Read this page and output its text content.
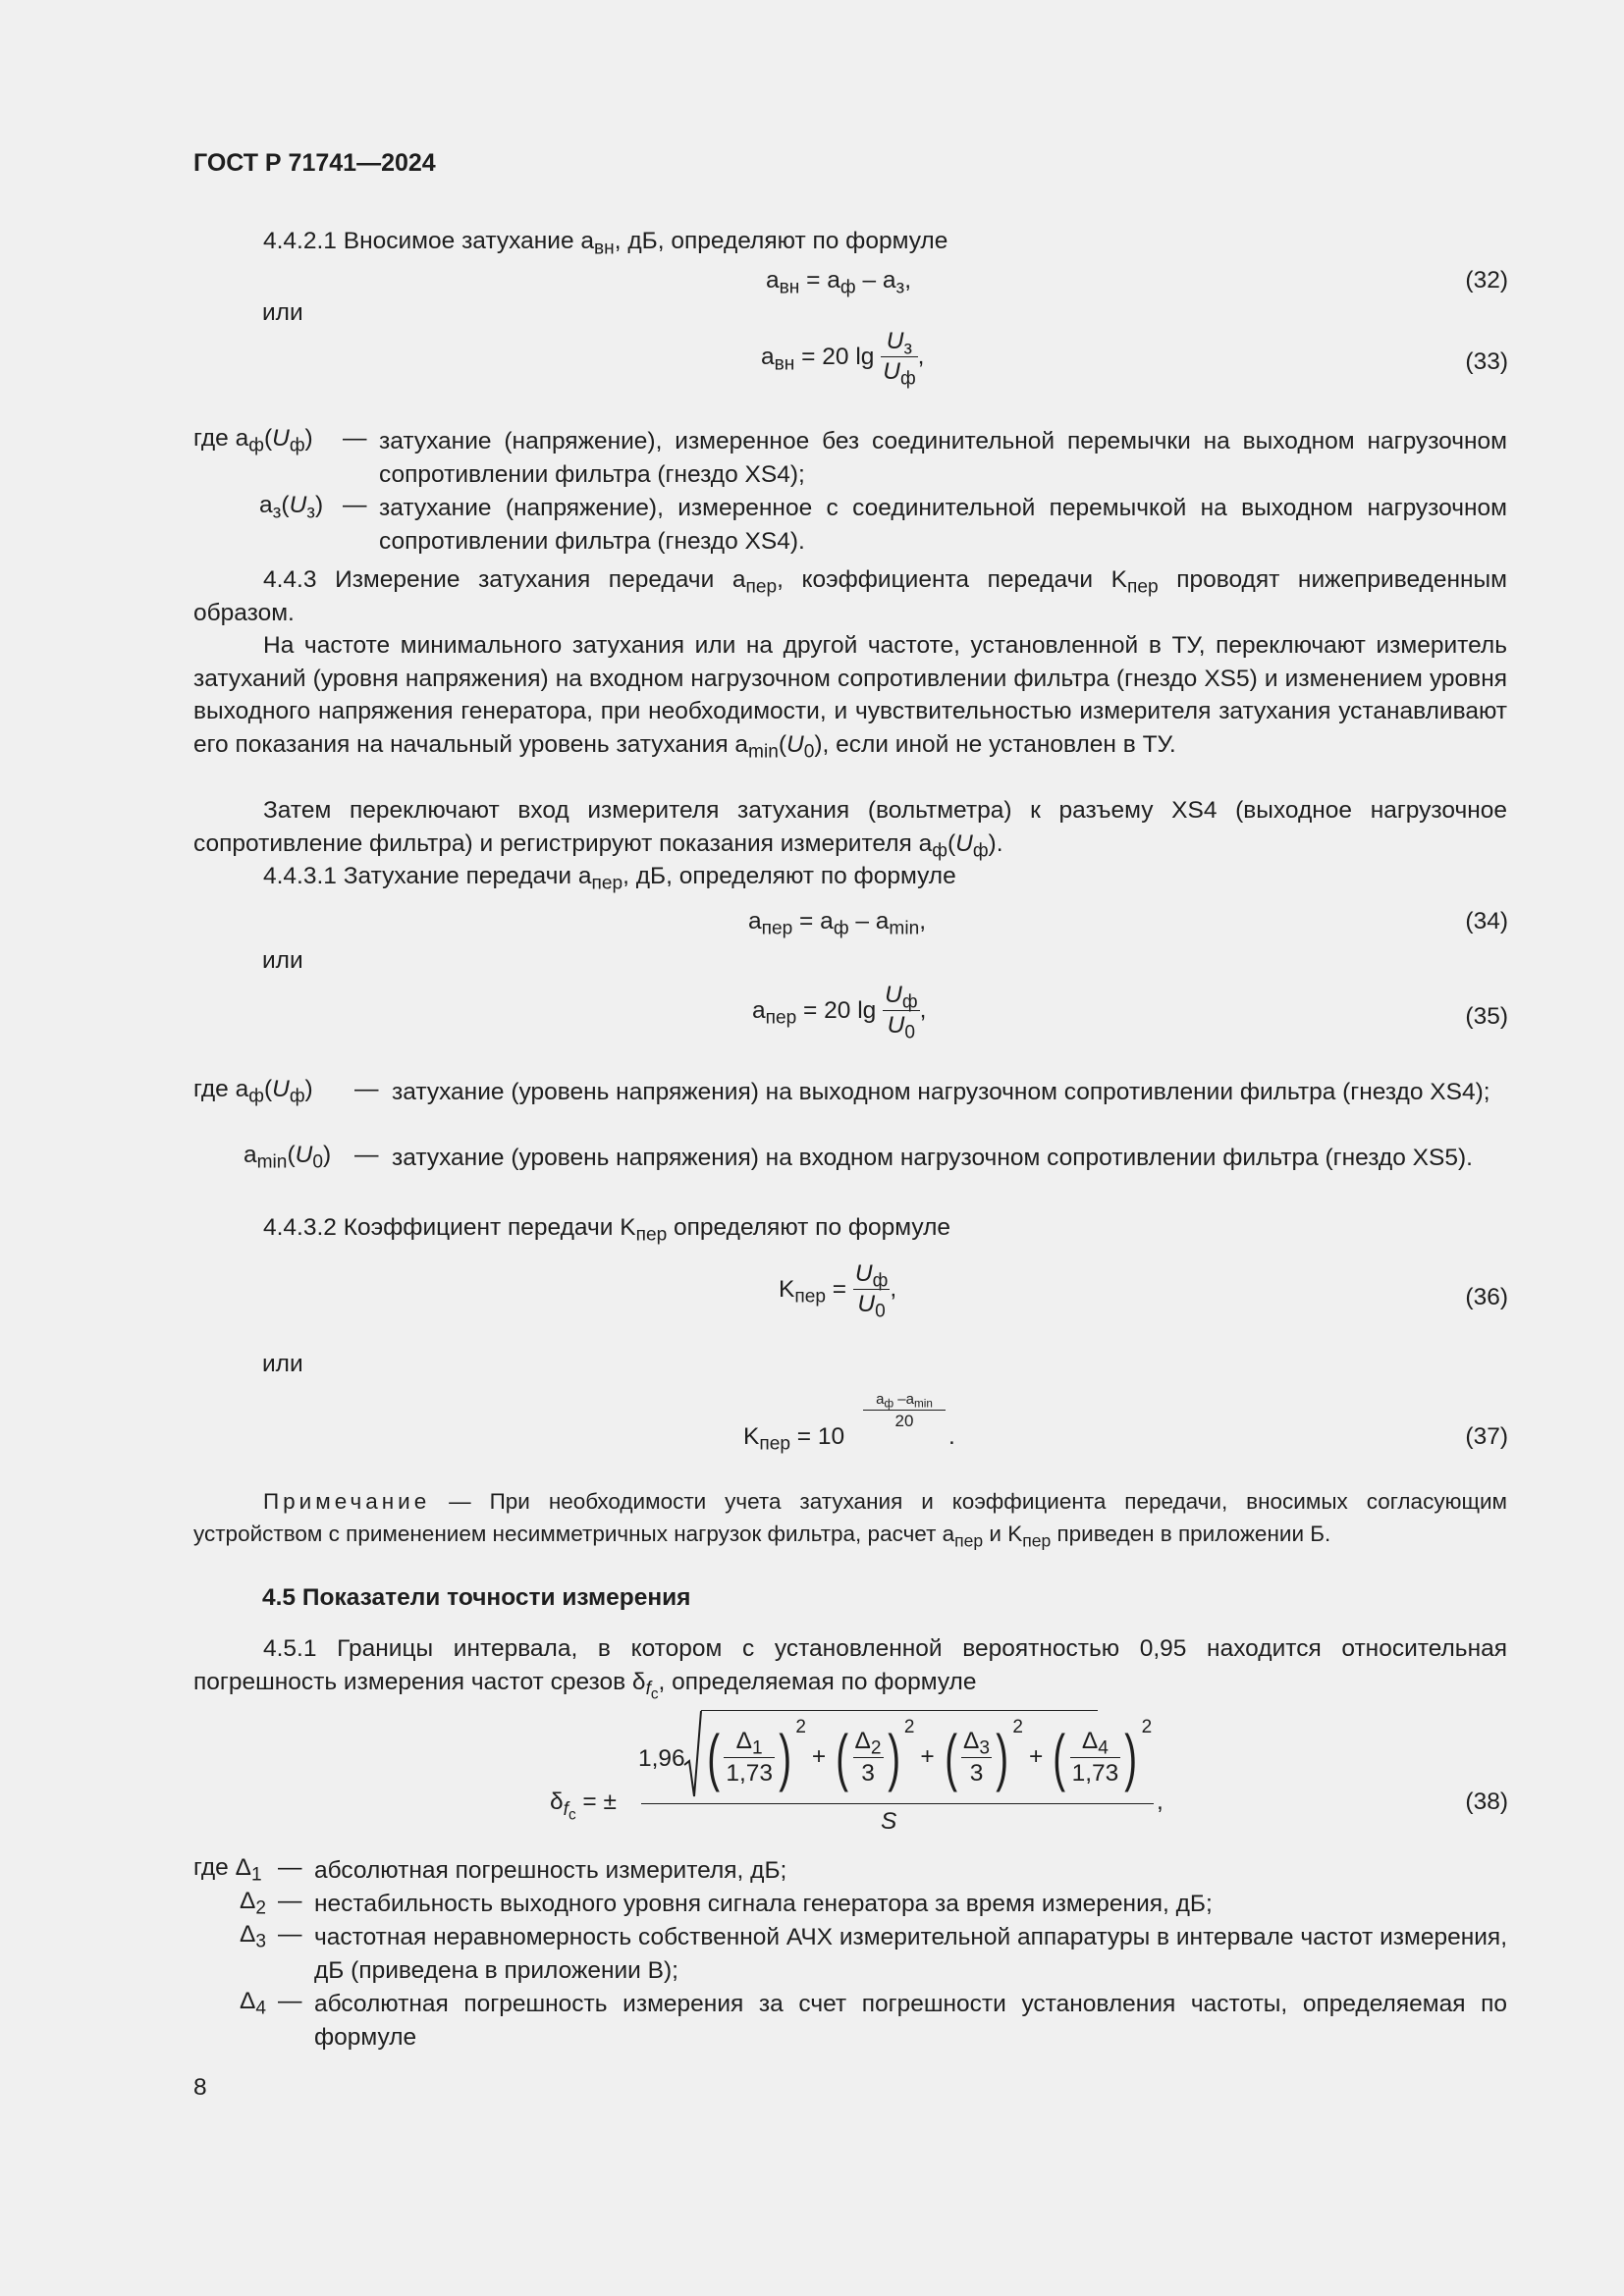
ГОСТ Р 71741—2024
4.4.2.1 Вносимое затухание $a_{вн}$, дБ, определяют по формуле
$a_{вн} = a_ф - a_з$,	(32)
или
$a_{вн} = 20$ $\lg \frac{U_з}{U_ф}$ ,	(33)
где $a_ф(U_ф)$ — затухание (напряжение), измеренное без соединительной перемычки на выходном нагрузочном сопротивлении фильтра (гнездо XS4);
$a_з(U_з)$ — затухание (напряжение), измеренное с соединительной перемычкой на выходном нагрузочном сопротивлении фильтра (гнездо XS4).
4.4.3 Измерение затухания передачи $a_{пер}$, коэффициента передачи $K_{пер}$ проводят нижеприведенным образом.
На частоте минимального затухания или на другой частоте, установленной в ТУ, переключают измеритель затуханий (уровня напряжения) на входном нагрузочном сопротивлении фильтра (гнездо XS5) и изменением уровня выходного напряжения генератора, при необходимости, и чувствительностью измерителя затухания устанавливают его показания на начальный уровень затухания $a_{min}(U_0)$, если иной не установлен в ТУ.
Затем переключают вход измерителя затухания (вольтметра) к разъему XS4 (выходное нагрузочное сопротивление фильтра) и регистрируют показания измерителя $a_ф(U_ф)$.
4.4.3.1 Затухание передачи $a_{пер}$, дБ, определяют по формуле
$a_{пер} = a_ф - a_{min}$,	(34)
или
$a_{пер} = 20$ $\lg \frac{U_ф}{U_0}$ ,	(35)
где $a_ф(U_ф)$ — затухание (уровень напряжения) на выходном нагрузочном сопротивлении фильтра (гнездо XS4);
$a_{min}(U_0)$ — затухание (уровень напряжения) на входном нагрузочном сопротивлении фильтра (гнездо XS5).
4.4.3.2 Коэффициент передачи $K_{пер}$ определяют по формуле
$K_{пер} = \frac{U_ф}{U_0}$ ,	(36)
или
$K_{пер} = 10$
$a_ф$ $-a_{min}$
20
.	(37)
Примечание — При необходимости учета затухания и коэффициента передачи, вносимых согласующим устройством с применением несимметричных нагрузок фильтра, расчет $a_{пер}$ и $K_{пер}$ приведен в приложении Б.
4.5 Показатели точности измерения
4.5.1 Границы интервала, в котором с установленной вероятностью 0,95 находится относительная погрешность измерения частот срезов $\delta_{f_c}$, определяемая по формуле
$\delta_{f_c}$ = ±
S
,
1,96 ( $\frac{\Delta_1}{1,73}$ ) 2
+ ( $\frac{\Delta_2}{3}$ ) 2
+ ( $\frac{\Delta_3}{3}$ ) 2
+ ( $\frac{\Delta_4}{1,73}$ ) 2
(38)
где $\Delta_1$ — абсолютная погрешность измерителя, дБ;
$\Delta_2$ — нестабильность выходного уровня сигнала генератора за время измерения, дБ;
$\Delta_3$ — частотная неравномерность собственной АЧХ измерительной аппаратуры в интервале частот измерения, дБ (приведена в приложении В);
$\Delta_4$ — абсолютная погрешность измерения за счет погрешности установления частоты, определяемая по формуле
8
